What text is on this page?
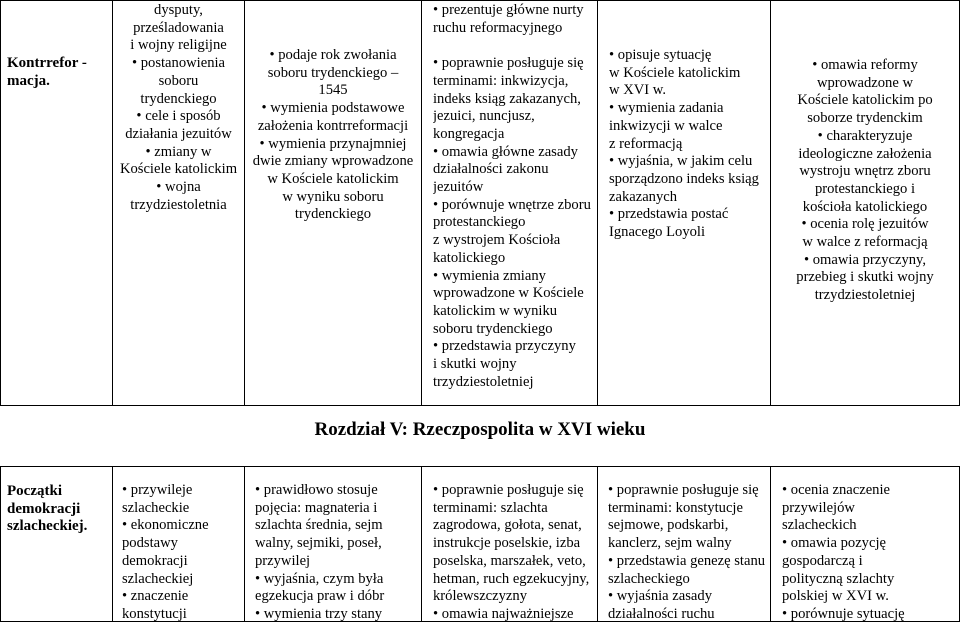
Kontrrefor -
macja.
dysputy,
prześladowania
i wojny religijne
• postanowienia
soboru
trydenckiego
• cele i sposób
działania jezuitów
• zmiany w
Kościele katolickim
• wojna
trzydziestoletnia
• podaje rok zwołania
soboru trydenckiego –
1545
• wymienia podstawowe
założenia kontrreformacji
• wymienia przynajmniej
dwie zmiany wprowadzone
w Kościele katolickim
w wyniku soboru
trydenckiego
• prezentuje główne nurty
ruchu reformacyjnego

• poprawnie posługuje się
terminami: inkwizycja,
indeks ksiąg zakazanych,
jezuici, nuncjusz,
kongregacja
• omawia główne zasady
działalności zakonu
jezuitów
• porównuje wnętrze zboru
protestanckiego
z wystrojem Kościoła
katolickiego
• wymienia zmiany
wprowadzone w Kościele
katolickim w wyniku
soboru trydenckiego
• przedstawia przyczyny
i skutki wojny
trzydziestoletniej
• opisuje sytuację
w Kościele katolickim
w XVI w.
• wymienia zadania
inkwizycji w walce
z reformacją
• wyjaśnia, w jakim celu
sporządzono indeks ksiąg
zakazanych
• przedstawia postać
Ignacego Loyoli
• omawia reformy
wprowadzone w
Kościele katolickim po
soborze trydenckim
• charakteryzuje
ideologiczne założenia
wystroju wnętrz zboru
protestanckiego i
kościoła katolickiego
• ocenia rolę jezuitów
w walce z reformacją
• omawia przyczyny,
przebieg i skutki wojny
trzydziestoletniej
Rozdział V: Rzeczpospolita w XVI wieku
Początki
demokracji
szlacheckiej.
• przywileje
szlacheckie
• ekonomiczne
podstawy
demokracji
szlacheckiej
• znaczenie
konstytucji
• prawidłowo stosuje
pojęcia: magnateria i
szlachta średnia, sejm
walny, sejmiki, poseł,
przywilej
• wyjaśnia, czym była
egzekucja praw i dóbr
• wymienia trzy stany
• poprawnie posługuje się
terminami: szlachta
zagrodowa, gołota, senat,
instrukcje poselskie, izba
poselska, marszałek, veto,
hetman, ruch egzekucyjny,
królewszczyzny
• omawia najważniejsze
• poprawnie posługuje się
terminami: konstytucje
sejmowe, podskarbi,
kanclerz, sejm walny
• przedstawia genezę stanu
szlacheckiego
• wyjaśnia zasady
działalności ruchu
• ocenia znaczenie
przywilejów
szlacheckich
• omawia pozycję
gospodarczą i
polityczną szlachty
polskiej w XVI w.
• porównuje sytuację
